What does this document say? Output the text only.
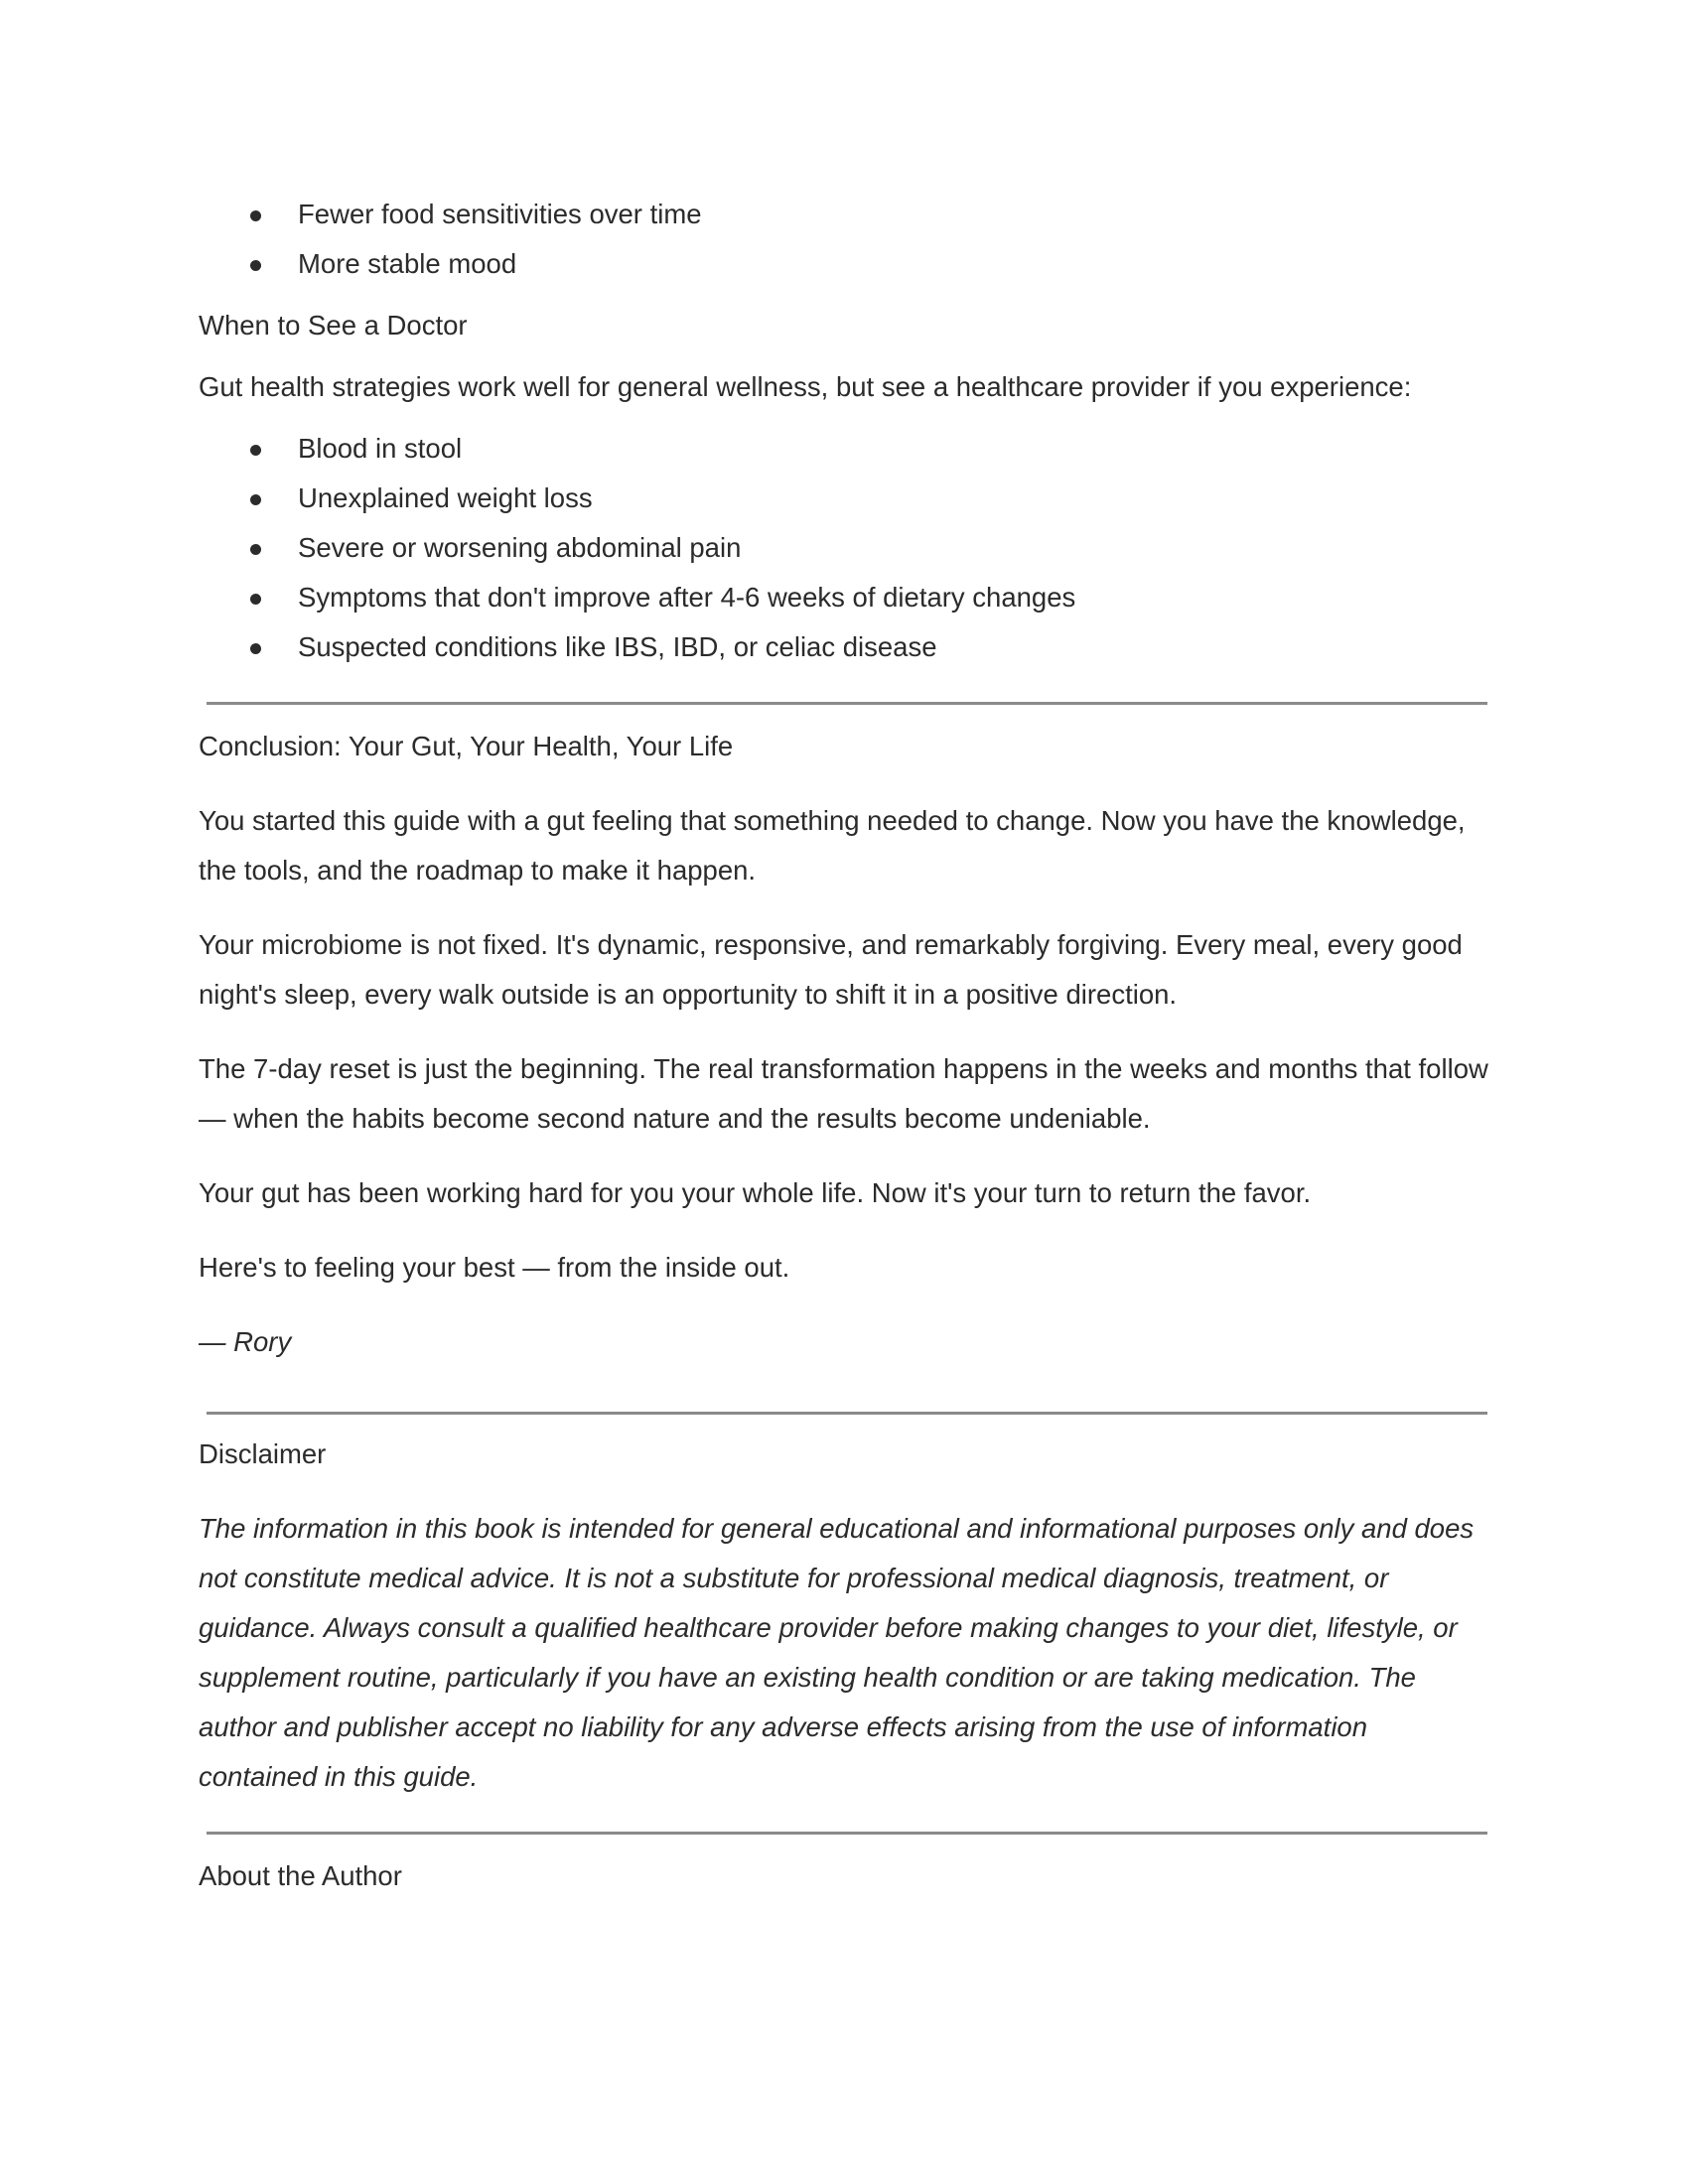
Fewer food sensitivities over time
More stable mood
When to See a Doctor

Gut health strategies work well for general wellness, but see a healthcare provider if you experience:

Blood in stool
Unexplained weight loss
Severe or worsening abdominal pain
Symptoms that don't improve after 4-6 weeks of dietary changes
Suspected conditions like IBS, IBD, or celiac disease
Conclusion: Your Gut, Your Health, Your Life

You started this guide with a gut feeling that something needed to change. Now you have the knowledge, the tools, and the roadmap to make it happen.

Your microbiome is not fixed. It's dynamic, responsive, and remarkably forgiving. Every meal, every good night's sleep, every walk outside is an opportunity to shift it in a positive direction.

The 7-day reset is just the beginning. The real transformation happens in the weeks and months that follow — when the habits become second nature and the results become undeniable.

Your gut has been working hard for you your whole life. Now it's your turn to return the favor.

Here's to feeling your best — from the inside out.

— Rory

Disclaimer

The information in this book is intended for general educational and informational purposes only and does not constitute medical advice. It is not a substitute for professional medical diagnosis, treatment, or guidance. Always consult a qualified healthcare provider before making changes to your diet, lifestyle, or supplement routine, particularly if you have an existing health condition or are taking medication. The author and publisher accept no liability for any adverse effects arising from the use of information contained in this guide.

About the Author
